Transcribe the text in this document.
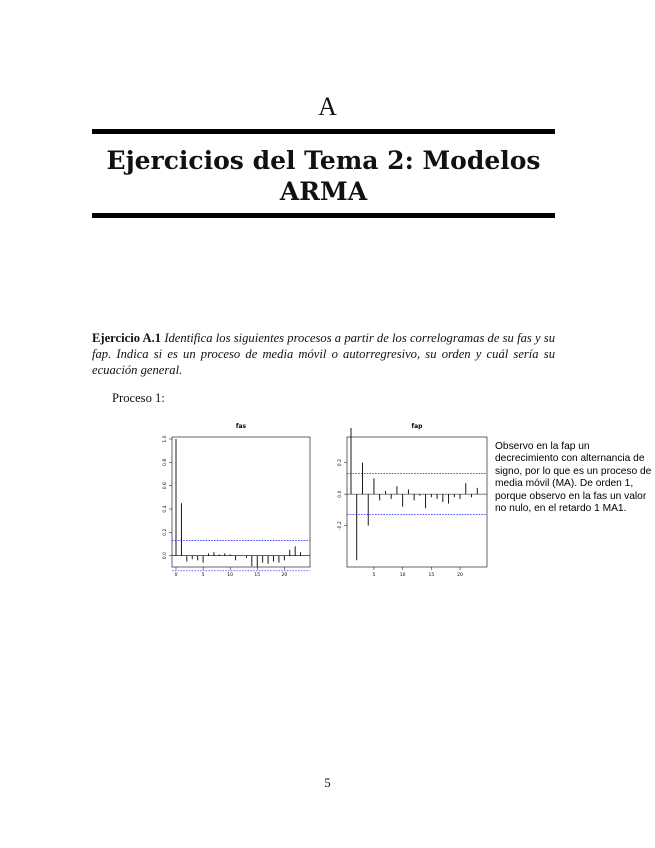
A
Ejercicios del Tema 2: Modelos ARMA
Ejercicio A.1 Identifica los siguientes procesos a partir de los correlogramas de su fas y su fap. Indica si es un proceso de media móvil o autorregresivo, su orden y cuál sería su ecuación general.
Proceso 1:
fas
0	5	10	15	20
0.0
0.2
0.4
0.6
0.8
1.0
fap
5	10	15	20
-0.2
0.0
0.2
Observo en la fap un decrecimiento con alternancia de signo, por lo que es un proceso de media móvil (MA). De orden 1, porque observo en la fas un valor no nulo, en el retardo 1 MA1.
5
